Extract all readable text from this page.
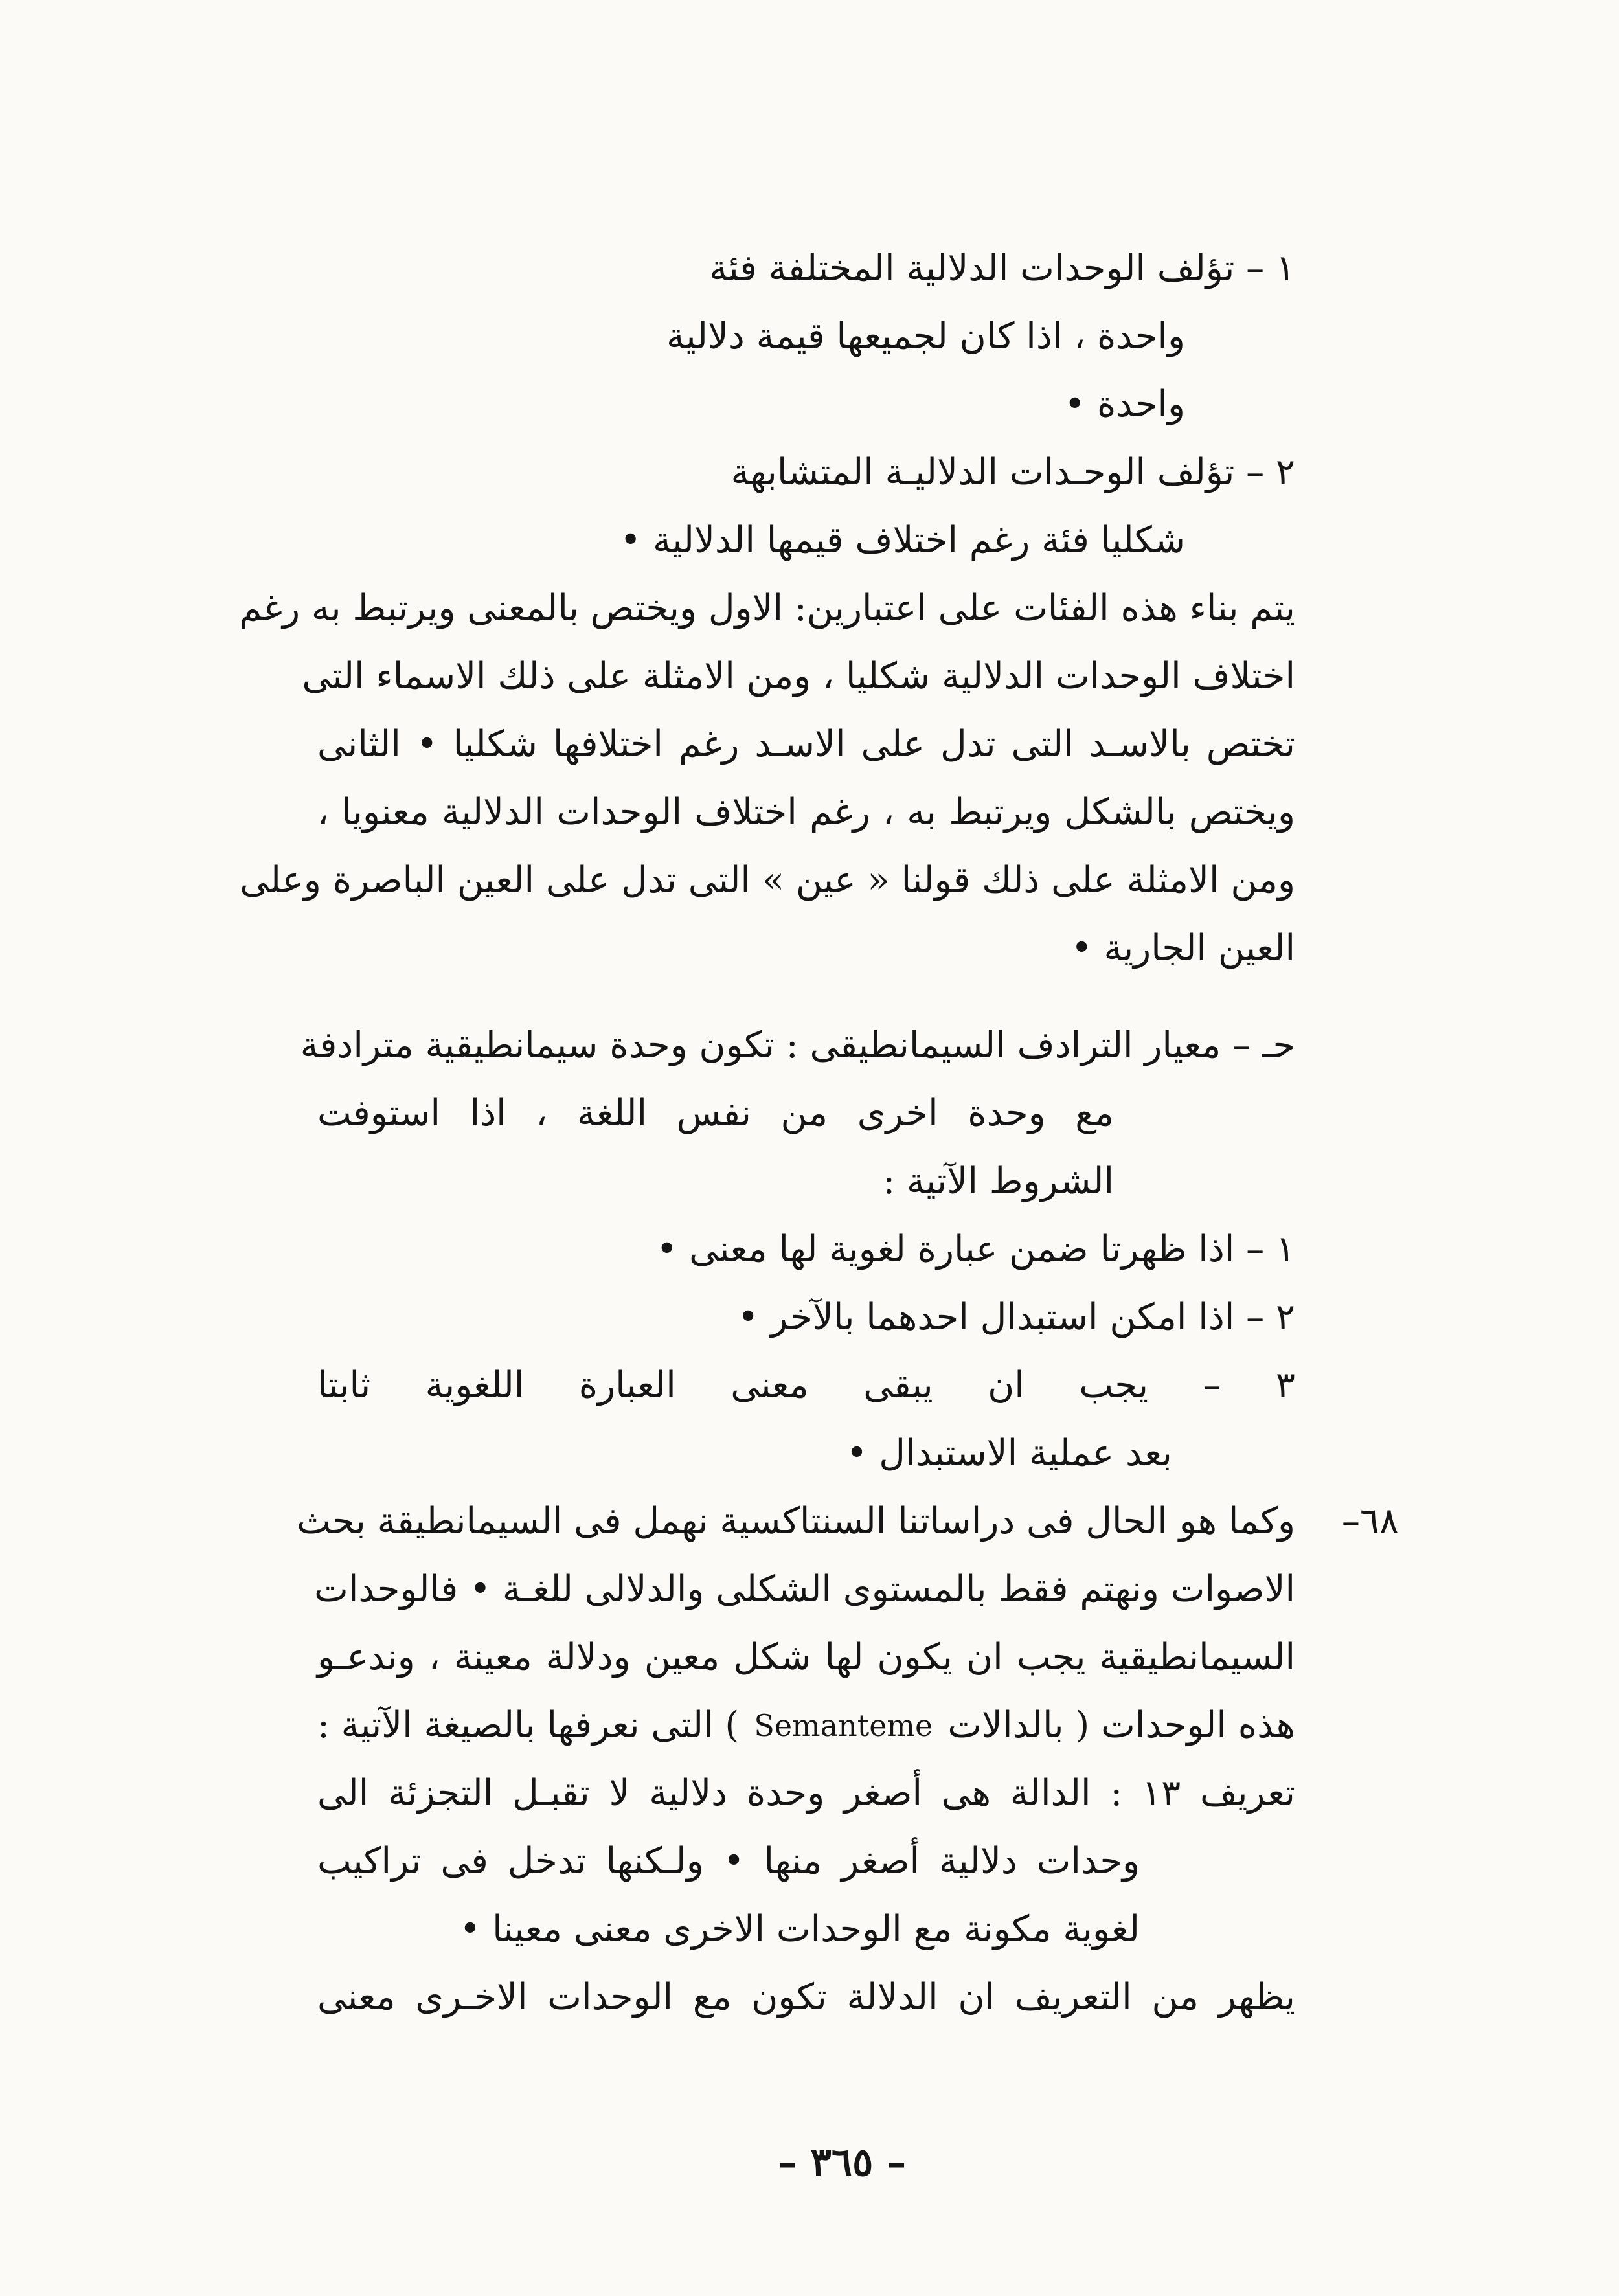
١ – تؤلف الوحدات الدلالية المختلفة فئة
واحدة ، اذا كان لجميعها قيمة دلالية
واحدة •
٢ – تؤلف الوحـدات الدلاليـة المتشابهة
شكليا فئة رغم اختلاف قيمها الدلالية •
يتم بناء هذه الفئات على اعتبارين: الاول ويختص بالمعنى ويرتبط به رغم
اختلاف الوحدات الدلالية شكليا ، ومن الامثلة على ذلك الاسماء التى
تختص بالاسـد التى تدل على الاسـد رغم اختلافها شكليا • الثانى
ويختص بالشكل ويرتبط به ، رغم اختلاف الوحدات الدلالية معنويا ،
ومن الامثلة على ذلك قولنا « عين » التى تدل على العين الباصرة وعلى
العين الجارية •
حـ – معيار الترادف السيمانطيقى : تكون وحدة سيمانطيقية مترادفة
مع وحدة اخرى من نفس اللغة ، اذا استوفت
الشروط الآتية :
١ – اذا ظهرتا ضمن عبارة لغوية لها معنى •
٢ – اذا امكن استبدال احدهما بالآخر •
٣ – يجب ان يبقى معنى العبارة اللغوية ثابتا
بعد عملية الاستبدال •
٦٨–
وكما هو الحال فى دراساتنا السنتاكسية نهمل فى السيمانطيقة بحث
الاصوات ونهتم فقط بالمستوى الشكلى والدلالى للغـة • فالوحدات
السيمانطيقية يجب ان يكون لها شكل معين ودلالة معينة ، وندعـو
هذه الوحدات ( بالدالات
Semanteme
) التى نعرفها بالصيغة الآتية :
تعريف ١٣ : الدالة هى أصغر وحدة دلالية لا تقبـل التجزئة الى
وحدات دلالية أصغر منها • ولـكنها تدخل فى تراكيب
لغوية مكونة مع الوحدات الاخرى معنى معينا •
يظهر من التعريف ان الدلالة تكون مع الوحدات الاخـرى معنى
– ٣٦٥ –
